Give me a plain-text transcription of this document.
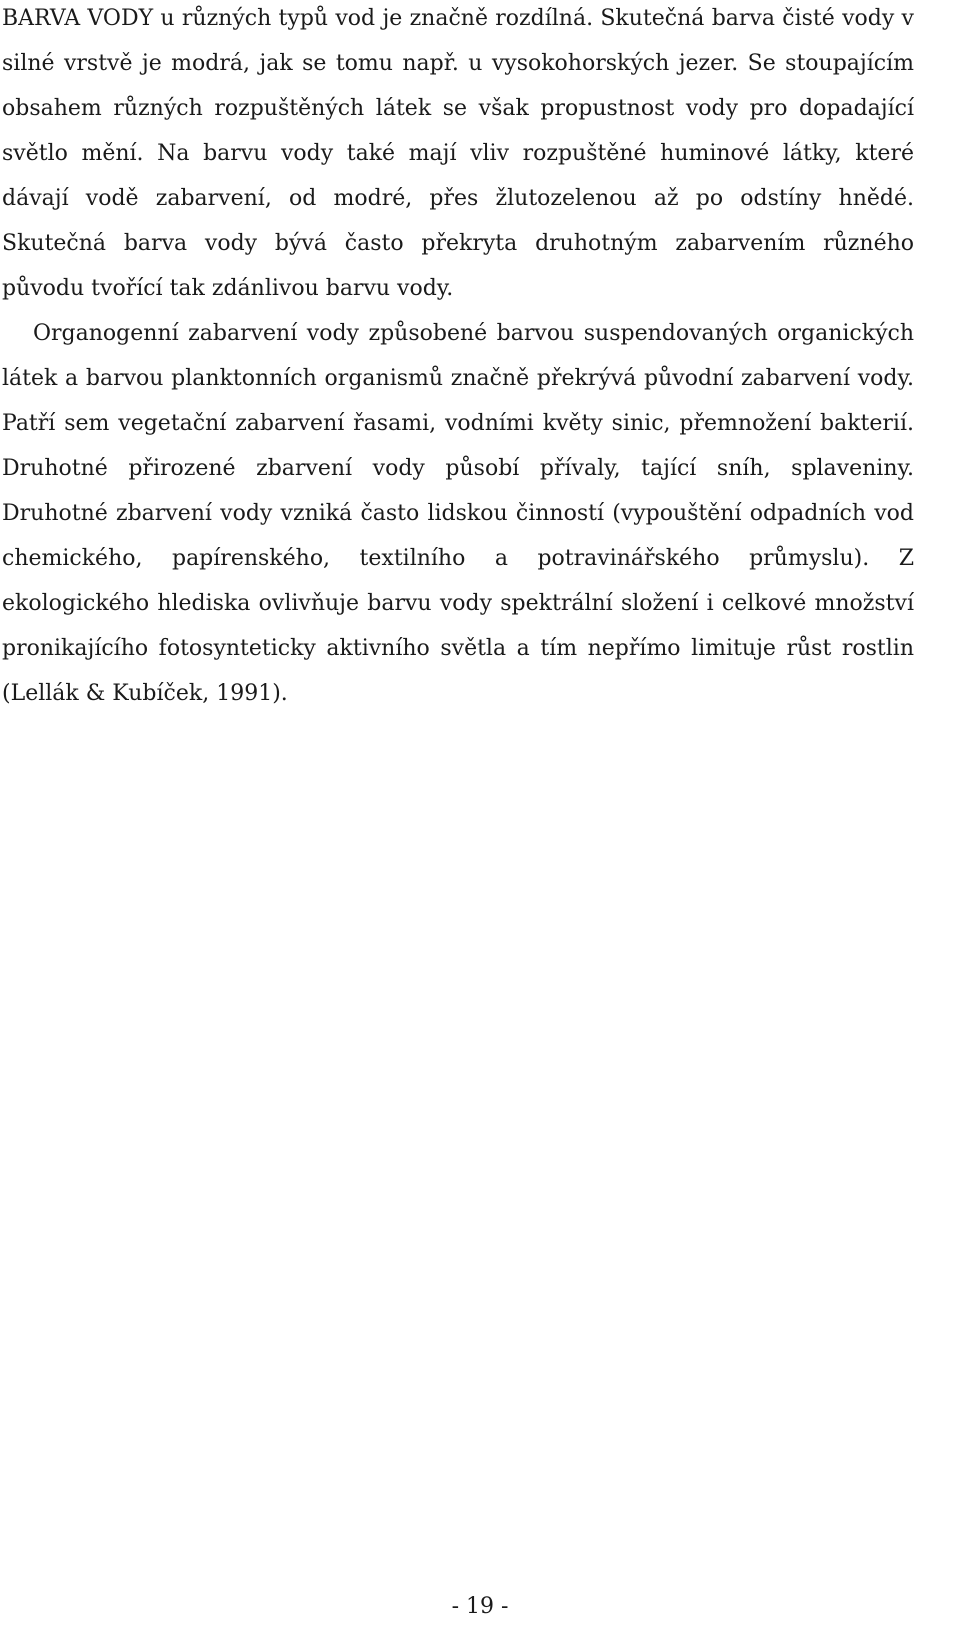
BARVA VODY u různých typů vod je značně rozdílná. Skutečná barva čisté vody v silné vrstvě je modrá, jak se tomu např. u vysokohorských jezer. Se stoupajícím obsahem různých rozpuštěných látek se však propustnost vody pro dopadající světlo mění. Na barvu vody také mají vliv rozpuštěné huminové látky, které dávají vodě zabarvení, od modré, přes žlutozelenou až po odstíny hnědé. Skutečná barva vody bývá často překryta druhotným zabarvením různého původu tvořící tak zdánlivou barvu vody.

Organogenní zabarvení vody způsobené barvou suspendovaných organických látek a barvou planktonních organismů značně překrývá původní zabarvení vody. Patří sem vegetační zabarvení řasami, vodními květy sinic, přemnožení bakterií. Druhotné přirozené zbarvení vody působí přívaly, tající sníh, splaveniny. Druhotné zbarvení vody vzniká často lidskou činností (vypouštění odpadních vod chemického, papírenského, textilního a potravinářského průmyslu). Z ekologického hlediska ovlivňuje barvu vody spektrální složení i celkové množství pronikajícího fotosynteticky aktivního světla a tím nepřímo limituje růst rostlin (Lellák & Kubíček, 1991).

- 19 -
